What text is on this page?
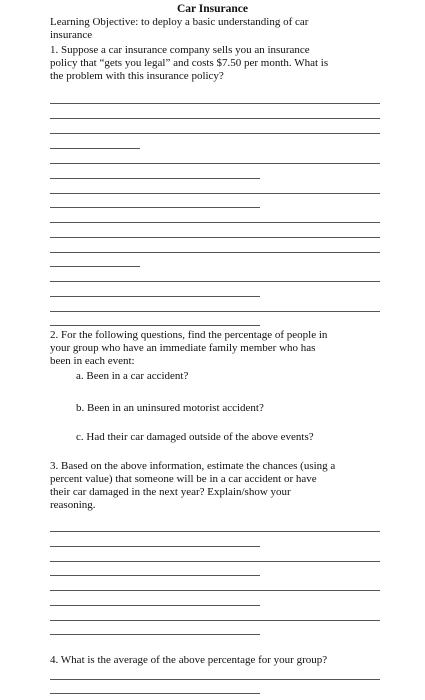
Car Insurance
Learning Objective: to deploy a basic understanding of car
insurance
1. Suppose a car insurance company sells you an insurance
policy that “gets you legal” and costs $7.50 per month. What is
the problem with this insurance policy?
2. For the following questions, find the percentage of people in
your group who have an immediate family member who has
been in each event:
a. Been in a car accident?
b. Been in an uninsured motorist accident?
c. Had their car damaged outside of the above events?
3. Based on the above information, estimate the chances (using a
percent value) that someone will be in a car accident or have
their car damaged in the next year? Explain/show your
reasoning.
4. What is the average of the above percentage for your group?
